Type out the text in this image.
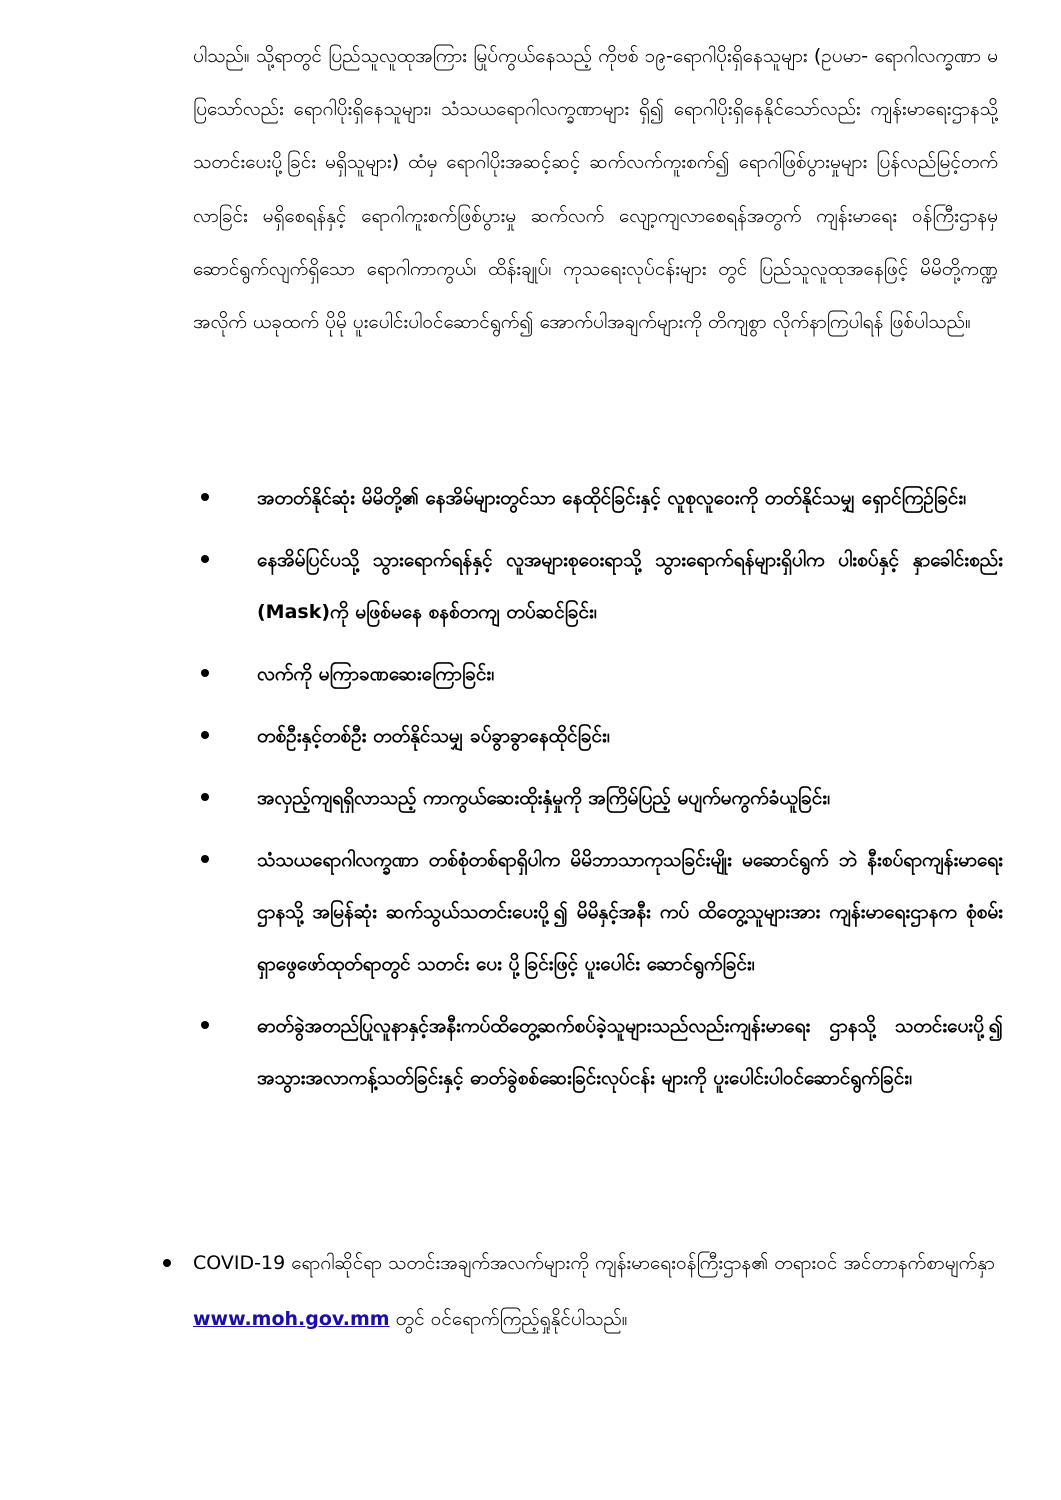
ပါသည်။ သို့ရာတွင် ပြည်သူလူထုအကြား မြုပ်ကွယ်နေသည့် ကိုဗစ် ၁၉-ရောဂါပိုးရှိနေသူများ (ဥပမာ- ရောဂါလက္ခဏာ မပြသော်လည်း ရောဂါပိုးရှိနေသူများ၊ သံသယရောဂါလက္ခဏာများ ရှိ၍ ရောဂါပိုးရှိနေနိုင်သော်လည်း ကျန်းမာရေးဌာနသို့ သတင်းပေးပို့ခြင်း မရှိသူများ) ထံမှ ရောဂါပိုးအဆင့်ဆင့် ဆက်လက်ကူးစက်၍ ရောဂါဖြစ်ပွားမှုများ ပြန်လည်မြင့်တက်လာခြင်း မရှိစေရန်နှင့် ရောဂါကူးစက်ဖြစ်ပွားမှု ဆက်လက် လျော့ကျလာစေရန်အတွက် ကျန်းမာရေး ဝန်ကြီးဌာနမှ ဆောင်ရွက်လျက်ရှိသော ရောဂါကာကွယ်၊ ထိန်းချုပ်၊ ကုသရေးလုပ်ငန်းများ တွင် ပြည်သူလူထုအနေဖြင့် မိမိတို့ကဏ္ဍအလိုက် ယခုထက် ပိုမို ပူးပေါင်းပါဝင်ဆောင်ရွက်၍ အောက်ပါအချက်များကို တိကျစွာ လိုက်နာကြပါရန် ဖြစ်ပါသည်။

အတတ်နိုင်ဆုံး မိမိတို့၏ နေအိမ်များတွင်သာ နေထိုင်ခြင်းနှင့် လူစုလူဝေးကို တတ်နိုင်သမျှ ရှောင်ကြဉ်ခြင်း၊
နေအိမ်ပြင်ပသို့ သွားရောက်ရန်နှင့် လူအများစုဝေးရာသို့ သွားရောက်ရန်များရှိပါက ပါးစပ်နှင့် နှာခေါင်းစည်း (Mask)ကို မဖြစ်မနေ စနစ်တကျ တပ်ဆင်ခြင်း၊
လက်ကို မကြာခဏဆေးကြောခြင်း၊
တစ်ဦးနှင့်တစ်ဦး တတ်နိုင်သမျှ ခပ်ခွာခွာနေထိုင်ခြင်း၊
အလှည့်ကျရရှိလာသည့် ကာကွယ်ဆေးထိုးနှံမှုကို အကြိမ်ပြည့် မပျက်မကွက်ခံယူခြင်း၊
သံသယရောဂါလက္ခဏာ တစ်စုံတစ်ရာရှိပါက မိမိဘာသာကုသခြင်းမျိုး မဆောင်ရွက် ဘဲ နီးစပ်ရာကျန်းမာရေးဌာနသို့ အမြန်ဆုံး ဆက်သွယ်သတင်းပေးပို့၍ မိမိနှင့်အနီး ကပ် ထိတွေ့သူများအား ကျန်းမာရေးဌာနက စုံစမ်းရှာဖွေဖော်ထုတ်ရာတွင် သတင်း ပေး ပို့ခြင်းဖြင့် ပူးပေါင်း ဆောင်ရွက်ခြင်း၊
ဓာတ်ခွဲအတည်ပြုလူနာနှင့်အနီးကပ်ထိတွေ့ဆက်စပ်ခဲ့သူများသည်လည်းကျန်းမာရေး ဌာနသို့ သတင်းပေးပို့၍ အသွားအလာကန့်သတ်ခြင်းနှင့် ဓာတ်ခွဲစစ်ဆေးခြင်းလုပ်ငန်း များကို ပူးပေါင်းပါဝင်ဆောင်ရွက်ခြင်း၊

COVID-19 ရောဂါဆိုင်ရာ သတင်းအချက်အလက်များကို ကျန်းမာရေးဝန်ကြီးဌာန၏ တရားဝင် အင်တာနက်စာမျက်နှာ www.moh.gov.mm တွင် ဝင်ရောက်ကြည့်ရှုနိုင်ပါသည်။
